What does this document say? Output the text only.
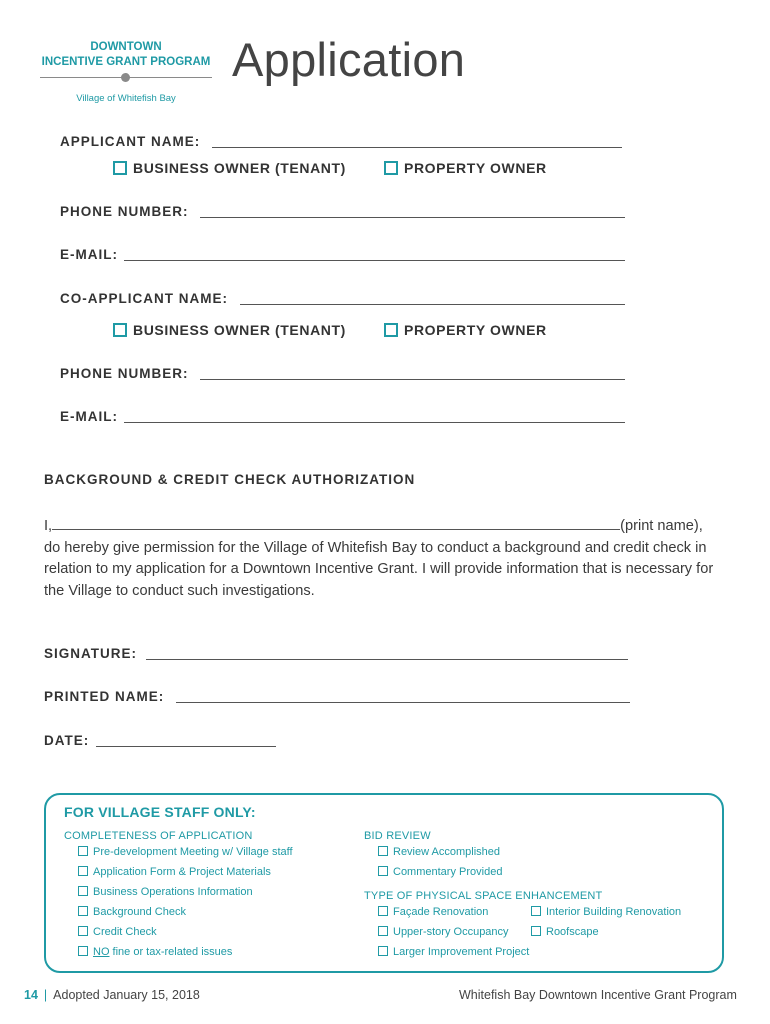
DOWNTOWN
INCENTIVE GRANT PROGRAM
Village of Whitefish Bay
Application
APPLICANT NAME:
BUSINESS OWNER (TENANT)	PROPERTY OWNER
PHONE NUMBER:
E-MAIL:
CO-APPLICANT NAME:
BUSINESS OWNER (TENANT)	PROPERTY OWNER
PHONE NUMBER:
E-MAIL:
BACKGROUND & CREDIT CHECK AUTHORIZATION
I,	(print name),
do hereby give permission for the Village of Whitefish Bay to conduct a background and credit check in relation to my application for a Downtown Incentive Grant. I will provide information that is necessary for the Village to conduct such investigations.
SIGNATURE:
PRINTED NAME:
DATE:
FOR VILLAGE STAFF ONLY:
COMPLETENESS OF APPLICATION
Pre-development Meeting w/ Village staff
Application Form & Project Materials
Business Operations Information
Background Check
Credit Check
NO fine or tax-related issues
BID REVIEW
Review Accomplished
Commentary Provided
TYPE OF PHYSICAL SPACE ENHANCEMENT
Façade Renovation	Interior Building Renovation
Upper-story Occupancy	Roofscape
Larger Improvement Project
14 | Adopted January 15, 2018	Whitefish Bay Downtown Incentive Grant Program
